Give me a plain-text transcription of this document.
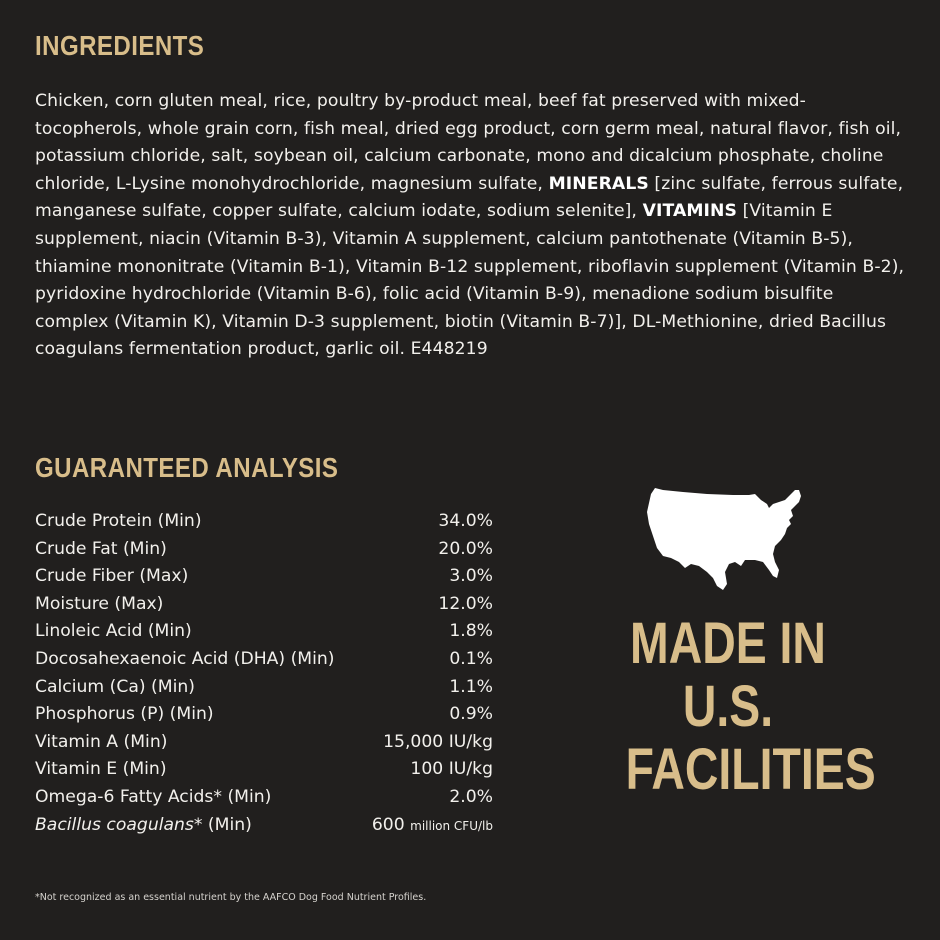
INGREDIENTS

Chicken, corn gluten meal, rice, poultry by-product meal, beef fat preserved with mixed-tocopherols, whole grain corn, fish meal, dried egg product, corn germ meal, natural flavor, fish oil, potassium chloride, salt, soybean oil, calcium carbonate, mono and dicalcium phosphate, choline chloride, L-Lysine monohydrochloride, magnesium sulfate, MINERALS [zinc sulfate, ferrous sulfate, manganese sulfate, copper sulfate, calcium iodate, sodium selenite], VITAMINS [Vitamin E supplement, niacin (Vitamin B-3), Vitamin A supplement, calcium pantothenate (Vitamin B-5), thiamine mononitrate (Vitamin B-1), Vitamin B-12 supplement, riboflavin supplement (Vitamin B-2), pyridoxine hydrochloride (Vitamin B-6), folic acid (Vitamin B-9), menadione sodium bisulfite complex (Vitamin K), Vitamin D-3 supplement, biotin (Vitamin B-7)], DL-Methionine, dried Bacillus coagulans fermentation product, garlic oil. E448219

GUARANTEED ANALYSIS
Crude Protein (Min)	34.0%
Crude Fat (Min)	20.0%
Crude Fiber (Max)	3.0%
Moisture (Max)	12.0%
Linoleic Acid (Min)	1.8%
Docosahexaenoic Acid (DHA) (Min)	0.1%
Calcium (Ca) (Min)	1.1%
Phosphorus (P) (Min)	0.9%
Vitamin A (Min)	15,000 IU/kg
Vitamin E (Min)	100 IU/kg
Omega-6 Fatty Acids* (Min)	2.0%
Bacillus coagulans* (Min)	600 million CFU/lb
MADE IN
U.S.
FACILITIES

*Not recognized as an essential nutrient by the AAFCO Dog Food Nutrient Profiles.
